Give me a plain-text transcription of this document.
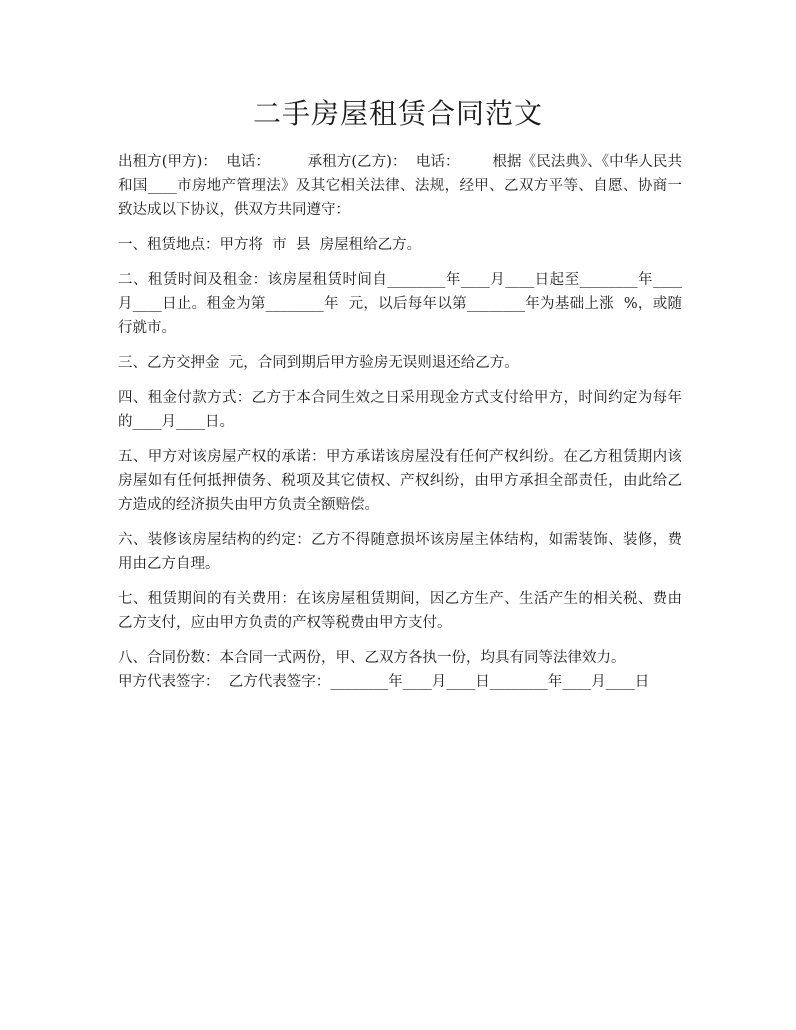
二手房屋租赁合同范文

出租方(甲方)：  电话：        承租方(乙方)：  电话：       根据《民法典》、《中华人民共和国____市房地产管理法》及其它相关法律、法规，经甲、乙双方平等、自愿、协商一致达成以下协议，供双方共同遵守：

一、租赁地点：甲方将  市  县  房屋租给乙方。

二、租赁时间及租金：该房屋租赁时间自________年____月____日起至________年____月____日止。租金为第________年  元，以后每年以第________年为基础上涨  %，或随行就市。

三、乙方交押金  元，合同到期后甲方验房无误则退还给乙方。

四、租金付款方式：乙方于本合同生效之日采用现金方式支付给甲方，时间约定为每年的____月____日。

五、甲方对该房屋产权的承诺：甲方承诺该房屋没有任何产权纠纷。在乙方租赁期内该房屋如有任何抵押债务、税项及其它债权、产权纠纷，由甲方承担全部责任，由此给乙方造成的经济损失由甲方负责全额赔偿。

六、装修该房屋结构的约定：乙方不得随意损坏该房屋主体结构，如需装饰、装修，费用由乙方自理。

七、租赁期间的有关费用：在该房屋租赁期间，因乙方生产、生活产生的相关税、费由乙方支付，应由甲方负责的产权等税费由甲方支付。

八、合同份数：本合同一式两份，甲、乙双方各执一份，均具有同等法律效力。

甲方代表签字：  乙方代表签字：________年____月____日________年____月____日
